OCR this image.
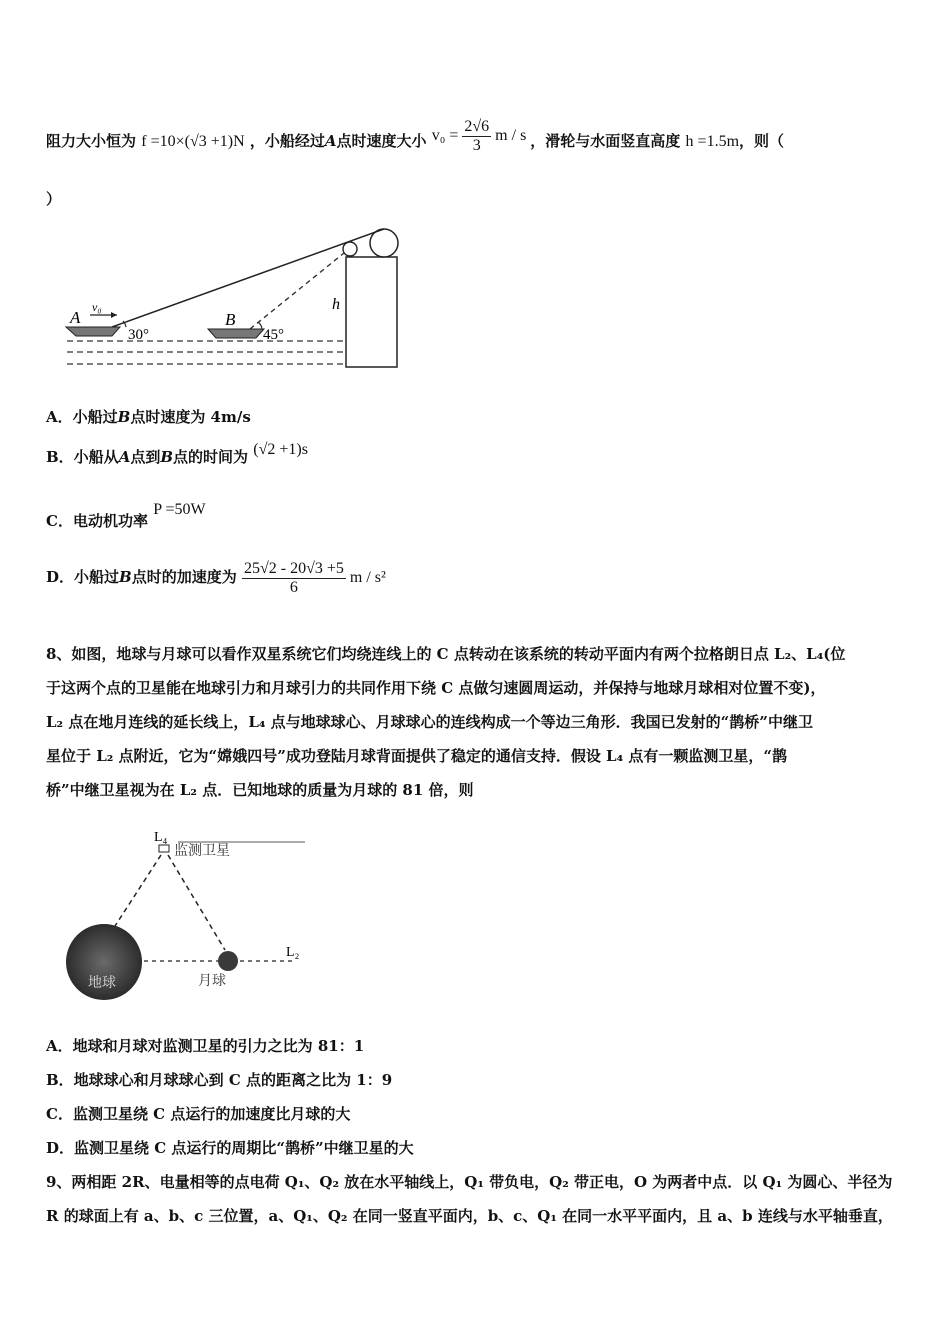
阻力大小恒为 f =10×(√3 +1)N ，小船经过A点时速度大小 $v_0 = \frac{2√6}{3}$ m / s ，滑轮与水面竖直高度 h =1.5m，则（
）
A
v₀
B
h
30°	45°
A．小船过B点时速度为 4m/s
B．小船从A点到B点的时间为 (√2 +1)s
C．电动机功率 P =50W
D．小船过B点时的加速度为 $\frac{25√2 - 20√3 +5}{6}$ m / s²

8、如图，地球与月球可以看作双星系统它们均绕连线上的 C 点转动在该系统的转动平面内有两个拉格朗日点 L₂、L₄(位

于这两个点的卫星能在地球引力和月球引力的共同作用下绕 C 点做匀速圆周运动，并保持与地球月球相对位置不变)，

L₂ 点在地月连线的延长线上，L₄ 点与地球球心、月球球心的连线构成一个等边三角形．我国已发射的“鹊桥”中继卫

星位于 L₂ 点附近，它为“嫦娥四号”成功登陆月球背面提供了稳定的通信支持．假设 L₄ 点有一颗监测卫星，“鹊

桥”中继卫星视为在 L₂ 点．已知地球的质量为月球的 81 倍，则

L₄
监测卫星
地球	月球
L₂
A．地球和月球对监测卫星的引力之比为 81：1
B．地球球心和月球球心到 C 点的距离之比为 1：9
C．监测卫星绕 C 点运行的加速度比月球的大
D．监测卫星绕 C 点运行的周期比“鹊桥”中继卫星的大

9、两相距 2R、电量相等的点电荷 Q₁、Q₂ 放在水平轴线上，Q₁ 带负电，Q₂ 带正电，O 为两者中点．以 Q₁ 为圆心、半径为

R 的球面上有 a、b、c 三位置，a、Q₁、Q₂ 在同一竖直平面内，b、c、Q₁ 在同一水平平面内，且 a、b 连线与水平轴垂直，
